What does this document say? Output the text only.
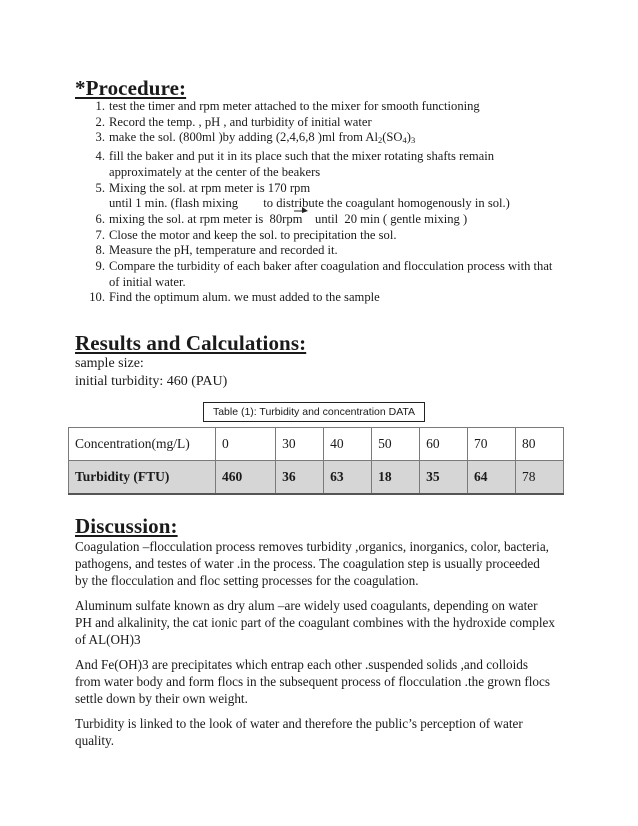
*Procedure:
1. test the timer and rpm meter attached to the mixer for smooth functioning
2. Record the temp. , pH , and turbidity of initial water
3. make the sol. (800ml )by adding (2,4,6,8 )ml from $Al_2(SO_4)_3$
4. fill the baker and put it in its place such that the mixer rotating shafts remain approximately at the center of the beakers
5. Mixing the sol. at rpm meter is 170 rpm
until 1 min. (flash mixing        to distribute the coagulant homogenously in sol.)
6. mixing the sol. at rpm meter is  80rpm    until  20 min ( gentle mixing )
7. Close the motor and keep the sol. to precipitation the sol.
8. Measure the pH, temperature and recorded it.
9. Compare the turbidity of each baker after coagulation and flocculation process with that of initial water.
10. Find the optimum alum. we must added to the sample
Results and Calculations:

sample size:

initial turbidity: 460 (PAU)

Table (1): Turbidity and concentration DATA
Concentration(mg/L)	0	30	40	50	60	70	80
Turbidity (FTU)	460	36	63	18	35	64	78
Discussion:

Coagulation –flocculation process removes turbidity ,organics, inorganics, color, bacteria, pathogens, and testes of water .in the process. The coagulation step is usually proceeded by the flocculation and floc setting processes for the coagulation.

Aluminum sulfate known as dry alum –are widely used coagulants, depending on water PH and alkalinity, the cat ionic part of the coagulant combines with the hydroxide complex of AL(OH)3

And Fe(OH)3 are precipitates which entrap each other .suspended solids ,and colloids from water body and form flocs in the subsequent process of flocculation .the grown flocs settle down by their own weight.

Turbidity is linked to the look of water and therefore the public’s perception of water quality.
